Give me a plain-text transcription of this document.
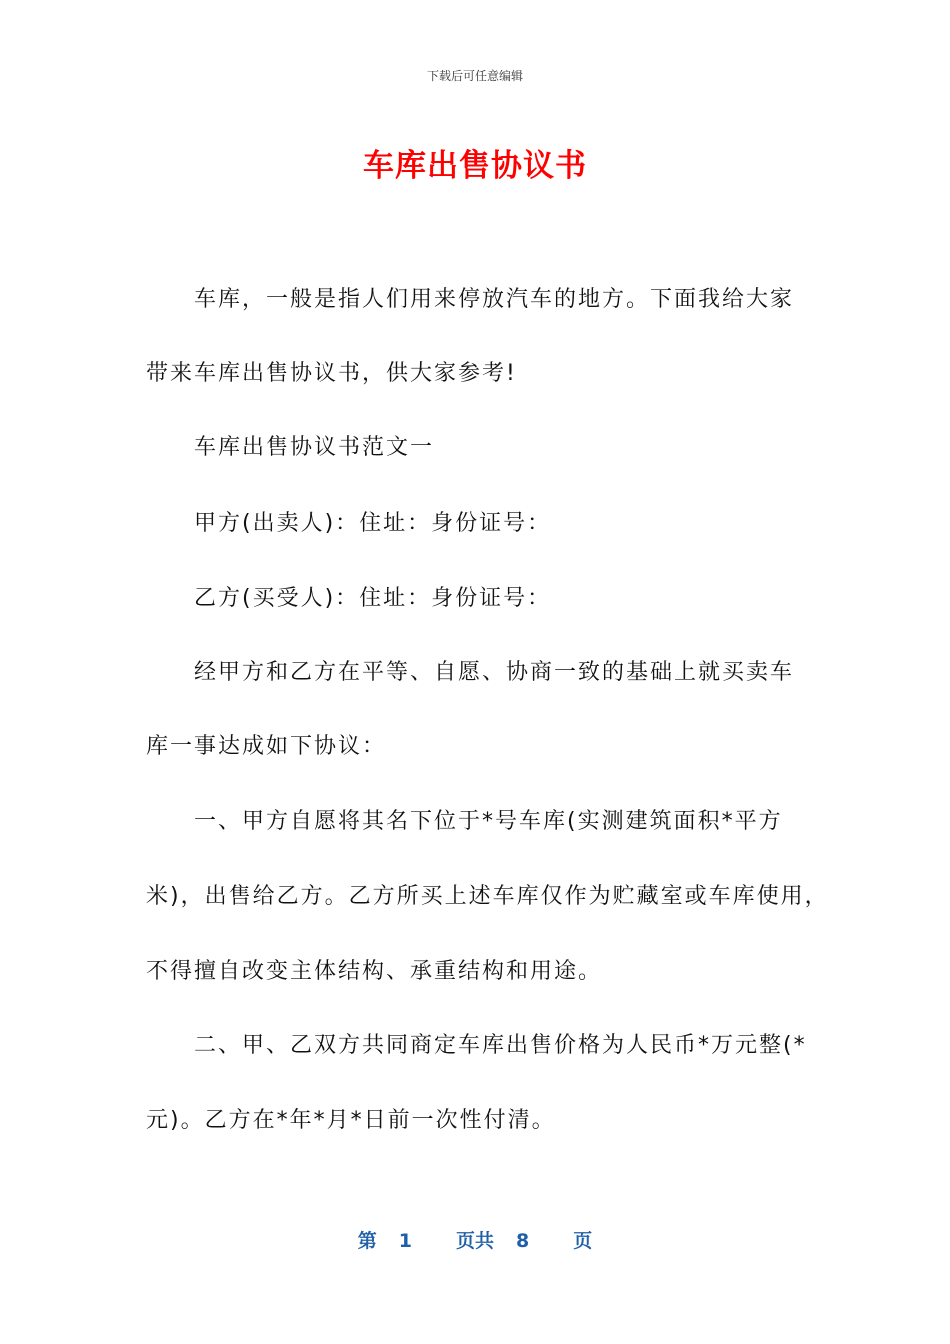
下载后可任意编辑
车库出售协议书
车库，一般是指人们用来停放汽车的地方。下面我给大家
带来车库出售协议书，供大家参考!
车库出售协议书范文一
甲方(出卖人)：住址：身份证号：
乙方(买受人)：住址：身份证号：
经甲方和乙方在平等、自愿、协商一致的基础上就买卖车
库一事达成如下协议：
一、甲方自愿将其名下位于*号车库(实测建筑面积*平方
米)，出售给乙方。乙方所买上述车库仅作为贮藏室或车库使用，
不得擅自改变主体结构、承重结构和用途。
二、甲、乙双方共同商定车库出售价格为人民币*万元整(*
元)。乙方在*年*月*日前一次性付清。
第 1 页共 8 页
